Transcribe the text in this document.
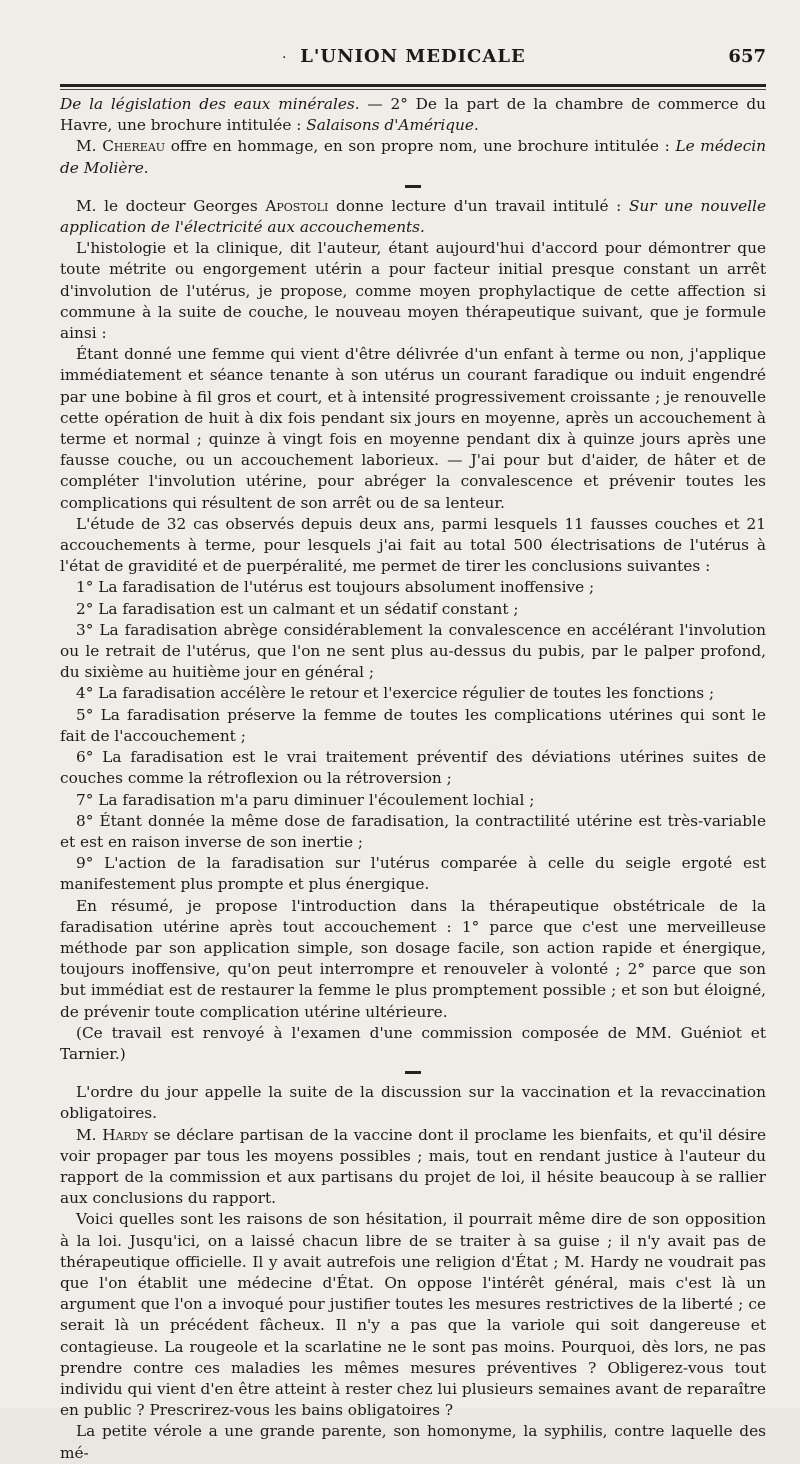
· L'UNION MEDICALE	657

De la législation des eaux minérales. — 2° De la part de la chambre de commerce du Havre, une brochure intitulée : Salaisons d'Amérique.

M. Chereau offre en hommage, en son propre nom, une brochure intitulée : Le médecin de Molière.

M. le docteur Georges Apostoli donne lecture d'un travail intitulé : Sur une nouvelle application de l'électricité aux accouchements.

L'histologie et la clinique, dit l'auteur, étant aujourd'hui d'accord pour démontrer que toute métrite ou engorgement utérin a pour facteur initial presque constant un arrêt d'involution de l'utérus, je propose, comme moyen prophylactique de cette affection si commune à la suite de couche, le nouveau moyen thérapeutique suivant, que je formule ainsi :

Étant donné une femme qui vient d'être délivrée d'un enfant à terme ou non, j'applique immédiatement et séance tenante à son utérus un courant faradique ou induit engendré par une bobine à fil gros et court, et à intensité progressivement croissante ; je renouvelle cette opération de huit à dix fois pendant six jours en moyenne, après un accouchement à terme et normal ; quinze à vingt fois en moyenne pendant dix à quinze jours après une fausse couche, ou un accouchement laborieux. — J'ai pour but d'aider, de hâter et de compléter l'involution utérine, pour abréger la convalescence et prévenir toutes les complications qui résultent de son arrêt ou de sa lenteur.

L'étude de 32 cas observés depuis deux ans, parmi lesquels 11 fausses couches et 21 accouchements à terme, pour lesquels j'ai fait au total 500 électrisations de l'utérus à l'état de gravidité et de puerpéralité, me permet de tirer les conclusions suivantes :

1° La faradisation de l'utérus est toujours absolument inoffensive ;

2° La faradisation est un calmant et un sédatif constant ;

3° La faradisation abrège considérablement la convalescence en accélérant l'involution ou le retrait de l'utérus, que l'on ne sent plus au-dessus du pubis, par le palper profond, du sixième au huitième jour en général ;

4° La faradisation accélère le retour et l'exercice régulier de toutes les fonctions ;

5° La faradisation préserve la femme de toutes les complications utérines qui sont le fait de l'accouchement ;

6° La faradisation est le vrai traitement préventif des déviations utérines suites de couches comme la rétroflexion ou la rétroversion ;

7° La faradisation m'a paru diminuer l'écoulement lochial ;

8° Étant donnée la même dose de faradisation, la contractilité utérine est très-variable et est en raison inverse de son inertie ;

9° L'action de la faradisation sur l'utérus comparée à celle du seigle ergoté est manifestement plus prompte et plus énergique.

En résumé, je propose l'introduction dans la thérapeutique obstétricale de la faradisation utérine après tout accouchement : 1° parce que c'est une merveilleuse méthode par son application simple, son dosage facile, son action rapide et énergique, toujours inoffensive, qu'on peut interrompre et renouveler à volonté ; 2° parce que son but immédiat est de restaurer la femme le plus promptement possible ; et son but éloigné, de prévenir toute complication utérine ultérieure.

(Ce travail est renvoyé à l'examen d'une commission composée de MM. Guéniot et Tarnier.)

L'ordre du jour appelle la suite de la discussion sur la vaccination et la revaccination obligatoires.

M. Hardy se déclare partisan de la vaccine dont il proclame les bienfaits, et qu'il désire voir propager par tous les moyens possibles ; mais, tout en rendant justice à l'auteur du rapport de la commission et aux partisans du projet de loi, il hésite beaucoup à se rallier aux conclusions du rapport.

Voici quelles sont les raisons de son hésitation, il pourrait même dire de son opposition à la loi. Jusqu'ici, on a laissé chacun libre de se traiter à sa guise ; il n'y avait pas de thérapeutique officielle. Il y avait autrefois une religion d'État ; M. Hardy ne voudrait pas que l'on établit une médecine d'État. On oppose l'intérêt général, mais c'est là un argument que l'on a invoqué pour justifier toutes les mesures restrictives de la liberté ; ce serait là un précédent fâcheux. Il n'y a pas que la variole qui soit dangereuse et contagieuse. La rougeole et la scarlatine ne le sont pas moins. Pourquoi, dès lors, ne pas prendre contre ces maladies les mêmes mesures préventives ? Obligerez-vous tout individu qui vient d'en être atteint à rester chez lui plusieurs semaines avant de reparaître en public ? Prescrirez-vous les bains obligatoires ?

La petite vérole a une grande parente, son homonyme, la syphilis, contre laquelle des mé-
